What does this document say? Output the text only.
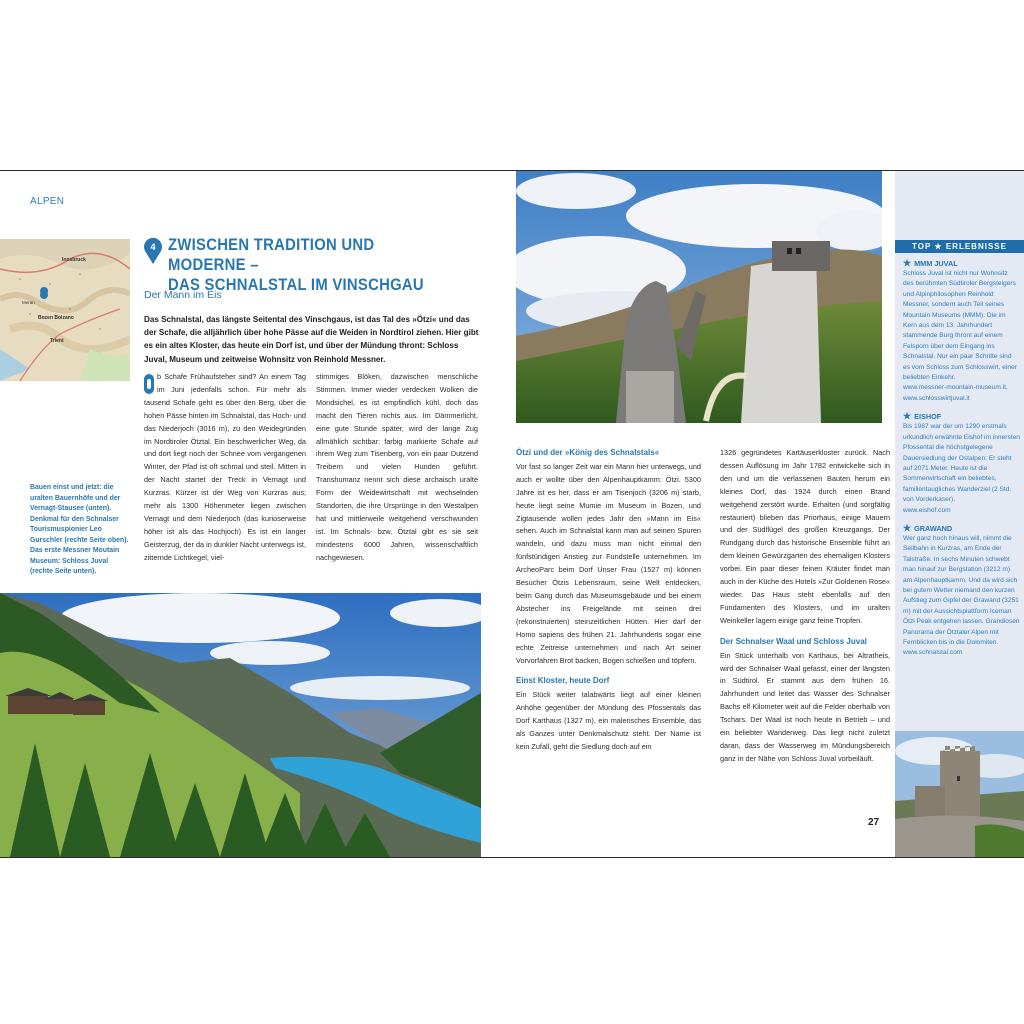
ALPEN
Innsbruck
Bozen Bolzano
Trient
Meran
4 ZWISCHEN TRADITION UND MODERNE –
DAS SCHNALSTAL IM VINSCHGAU
Der Mann im Eis
Das Schnalstal, das längste Seitental des Vinschgaus, ist das Tal des »Ötzi« und das der Schafe, die alljährlich über hohe Pässe auf die Weiden in Nordtirol ziehen. Hier gibt es ein altes Kloster, das heute ein Dorf ist, und über der Mündung thront: Schloss Juval, Museum und zeitweise Wohnsitz von Reinhold Messner.
Bauen einst und jetzt: die uralten Bauernhöfe und der Vernagt-Stausee (unten). Denkmal für den Schnalser Tourismuspionier Leo Gurschler (rechte Seite oben). Das erste Messner Moutain Museum: Schloss Juval (rechte Seite unten).
b Schafe Frühaufsteher sind? An einem Tag im Juni jedenfalls schon. Für mehr als tausend Schafe geht es über den Berg, über die hohen Pässe hinten im Schnalstal, das Hoch- und das Niederjoch (3016 m), zu den Weidegründen im Nordtiroler Ötztal. Ein beschwerlicher Weg, da und dort liegt noch der Schnee vom vergangenen Winter, der Pfad ist oft schmal und steil. Mitten in der Nacht startet der Treck in Vernagt und Kurzras. Kürzer ist der Weg von Kurzras aus; mehr als 1300 Höhenmeter liegen zwischen Vernagt und dem Niederjoch (das kurioserweise höher ist als das Hochjoch). Es ist ein langer Geisterzug, der da in dunkler Nacht unterwegs ist, zitternde Lichtkegel, viel-
stimmiges Blöken, dazwischen menschliche Stimmen. Immer wieder verdecken Wolken die Mondsichel, es ist empfindlich kühl, doch das macht den Tieren nichts aus. Im Dämmerlicht, eine gute Stunde später, wird der lange Zug allmählich sichtbar: farbig markierte Schafe auf ihrem Weg zum Tisenberg, von ein paar Dutzend Treibern und vielen Hunden geführt. Transhumanz nennt sich diese archaisch uralte Form der Weidewirtschaft mit wechselnden Standorten, die ihre Ursprünge in den Westalpen hat und mittlerweile weitgehend verschwunden ist. Im Schnals- bzw. Ötztal gibt es sie seit mindestens 6000 Jahren, wissenschaftlich nachgewiesen.
Ötzi und der »König des Schnalstals«
Vor fast so langer Zeit war ein Mann hier unterwegs, und auch er wollte über den Alpenhauptkamm: Ötzi. 5300 Jahre ist es her, dass er am Tisenjoch (3206 m) starb, heute liegt seine Mumie im Museum in Bozen, und Zigtausende wollen jedes Jahr den »Mann im Eis« sehen. Auch im Schnalstal kann man auf seinen Spuren wandeln, und dazu muss man nicht einmal den fünfstündigen Anstieg zur Fundstelle unternehmen. Im ArcheoParc beim Dorf Unser Frau (1527 m) können Besucher Ötzis Lebensraum, seine Welt entdecken, beim Gang durch das Museumsgebäude und bei einem Abstecher ins Freigelände mit seinen drei (rekonstruierten) steinzeitlichen Hütten. Hier darf der Homo sapiens des frühen 21. Jahrhunderts sogar eine echte Zeitreise unternehmen und nach Art seiner Vorvorfahren Brot backen, Bogen schießen und töpfern.
Einst Kloster, heute Dorf
Ein Stück weiter talabwärts liegt auf einer kleinen Anhöhe gegenüber der Mündung des Pfossentals das Dorf Karthaus (1327 m), ein malerisches Ensemble, das als Ganzes unter Denkmalschutz steht. Der Name ist kein Zufall, geht die Siedlung doch auf ein
1326 gegründetes Kartäuserkloster zurück. Nach dessen Auflösung im Jahr 1782 entwickelte sich in den und um die verlassenen Bauten herum ein kleines Dorf, das 1924 durch einen Brand weitgehend zerstört wurde. Erhalten (und sorgfältig restauriert) blieben das Priorhaus, einige Mauern und der Südflügel des großen Kreuzgangs. Der Rundgang durch das historische Ensemble führt an dem kleinen Gewürzgarten des ehemaligen Klosters vorbei. Ein paar dieser feinen Kräuter findet man auch in der Küche des Hotels »Zur Goldenen Rose« wieder. Das Haus steht ebenfalls auf den Fundamenten des Klosters, und im uralten Weinkeller lagern einige ganz feine Tropfen.
Der Schnalser Waal und Schloss Juval
Ein Stück unterhalb von Karthaus, bei Altratheis, wird der Schnalser Waal gefasst, einer der längsten in Südtirol. Er stammt aus dem frühen 16. Jahrhundert und leitet das Wasser des Schnalser Bachs elf Kilometer weit auf die Felder oberhalb von Tschars. Der Waal ist noch heute in Betrieb – und ein beliebter Wanderweg. Das liegt nicht zuletzt daran, dass der Wasserweg im Mündungsbereich ganz in der Nähe von Schloss Juval vorbeiläuft.
27
TOP ★ ERLEBNISSE
★ MMM JUVAL
Schloss Juval ist nicht nur Wohnsitz des berühmten Südtiroler Bergsteigers und Alpinphilosophen Reinhold Messner, sondern auch Teil seines Mountain Museums (MMM). Die im Kern aus dem 13. Jahrhundert stammende Burg thront auf einem Felsporn über dem Eingang ins Schnalstal. Nur ein paar Schritte sind es vom Schloss zum Schlosswirt, einer beliebten Einkehr.
www.messner-mountain-museum.it,
www.schlosswirtjuval.it
★ EISHOF
Bis 1987 war der um 1290 erstmals urkundlich erwähnte Eishof im innersten Pfossental die höchstgelegene Dauersiedlung der Ostalpen: Er steht auf 2071 Meter. Heute ist die Sommerwirtschaft ein beliebtes, familientaugliches Wanderziel (2 Std. von Vorderkaser).
www.eishof.com
★ GRAWAND
Wer ganz hoch hinaus will, nimmt die Seilbahn in Kurzras, am Ende der Talstraße. In sechs Minuten schwebt man hinauf zur Bergstation (3212 m) am Alpenhauptkamm. Und da wird sich bei gutem Wetter niemand den kurzen Aufstieg zum Gipfel der Grawand (3251 m) mit der Aussichtsplattform Iceman Ötzi Peak entgehen lassen. Grandiosen Panorama der Ötztaler Alpen mit Fernblicken bis in die Dolomiten.
www.schnalstal.com
